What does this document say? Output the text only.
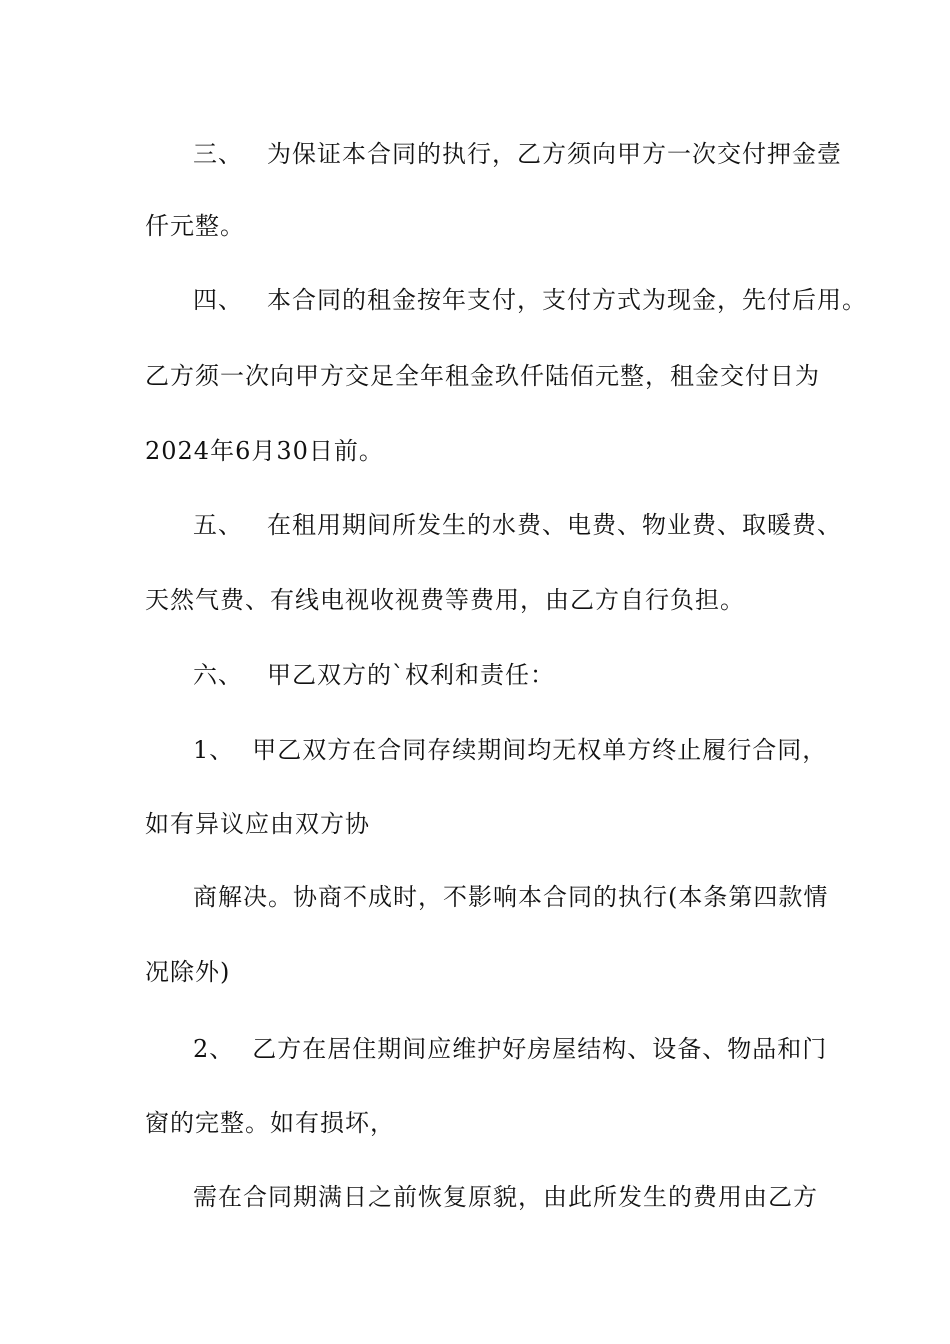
三、 为保证本合同的执行，乙方须向甲方一次交付押金壹
仟元整。
四、 本合同的租金按年支付，支付方式为现金，先付后用。
乙方须一次向甲方交足全年租金玖仟陆佰元整，租金交付日为
2024年6月30日前。
五、 在租用期间所发生的水费、电费、物业费、取暖费、
天然气费、有线电视收视费等费用，由乙方自行负担。
六、 甲乙双方的`权利和责任：
1、 甲乙双方在合同存续期间均无权单方终止履行合同，
如有异议应由双方协
商解决。协商不成时，不影响本合同的执行(本条第四款情
况除外)
2、 乙方在居住期间应维护好房屋结构、设备、物品和门
窗的完整。如有损坏，
需在合同期满日之前恢复原貌，由此所发生的费用由乙方
